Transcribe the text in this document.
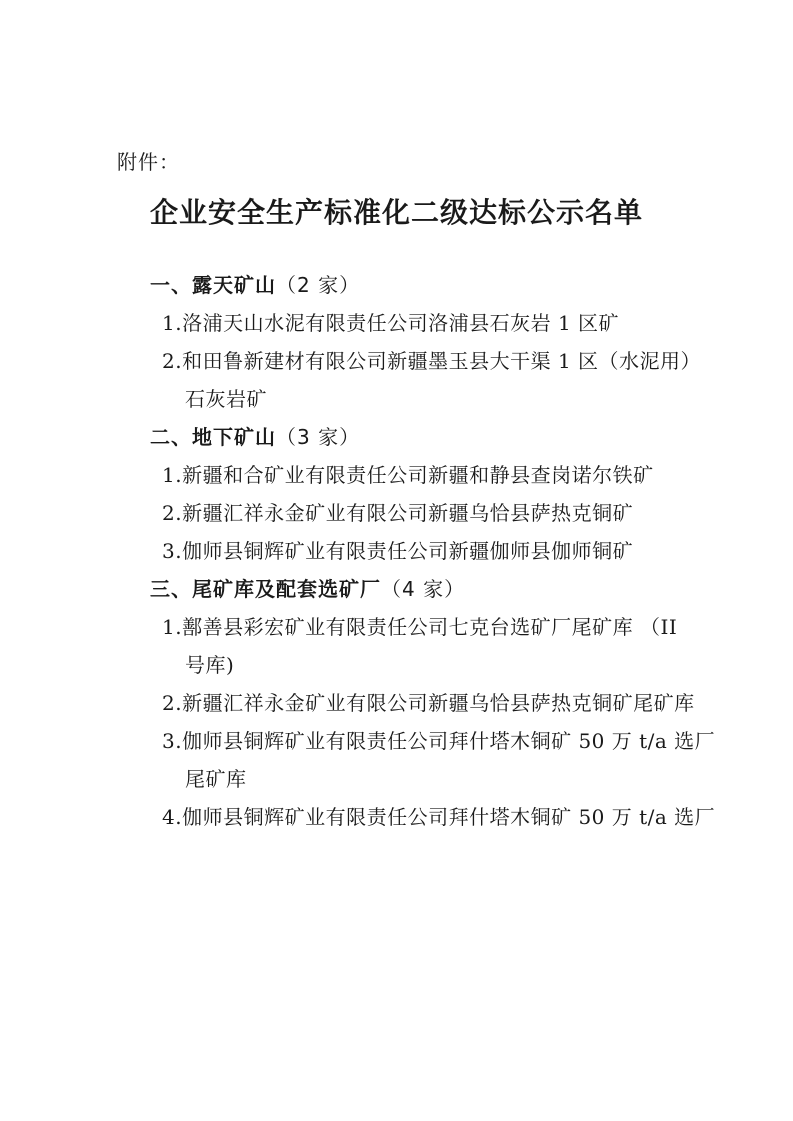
附件：
企业安全生产标准化二级达标公示名单
一、露天矿山（2 家）
1.洛浦天山水泥有限责任公司洛浦县石灰岩 1 区矿
2.和田鲁新建材有限公司新疆墨玉县大干渠 1 区（水泥用）
石灰岩矿
二、地下矿山（3 家）
1.新疆和合矿业有限责任公司新疆和静县查岗诺尔铁矿
2.新疆汇祥永金矿业有限公司新疆乌恰县萨热克铜矿
3.伽师县铜辉矿业有限责任公司新疆伽师县伽师铜矿
三、尾矿库及配套选矿厂（4 家）
1.鄯善县彩宏矿业有限责任公司七克台选矿厂尾矿库 （II
号库)
2.新疆汇祥永金矿业有限公司新疆乌恰县萨热克铜矿尾矿库
3.伽师县铜辉矿业有限责任公司拜什塔木铜矿 50 万 t/a 选厂
尾矿库
4.伽师县铜辉矿业有限责任公司拜什塔木铜矿 50 万 t/a 选厂
